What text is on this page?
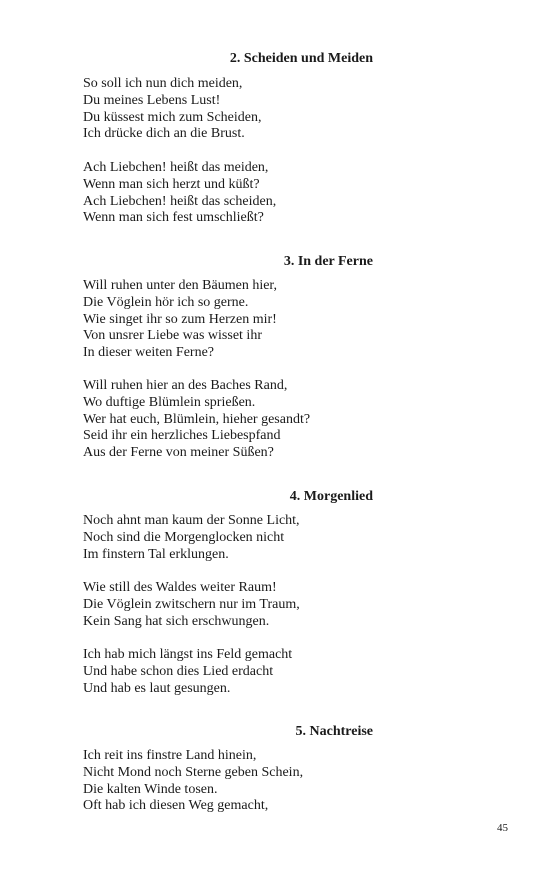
2. Scheiden und Meiden
So soll ich nun dich meiden,
Du meines Lebens Lust!
Du küssest mich zum Scheiden,
Ich drücke dich an die Brust.
Ach Liebchen! heißt das meiden,
Wenn man sich herzt und küßt?
Ach Liebchen! heißt das scheiden,
Wenn man sich fest umschließt?
3. In der Ferne
Will ruhen unter den Bäumen hier,
Die Vöglein hör ich so gerne.
Wie singet ihr so zum Herzen mir!
Von unsrer Liebe was wisset ihr
In dieser weiten Ferne?
Will ruhen hier an des Baches Rand,
Wo duftige Blümlein sprießen.
Wer hat euch, Blümlein, hieher gesandt?
Seid ihr ein herzliches Liebespfand
Aus der Ferne von meiner Süßen?
4. Morgenlied
Noch ahnt man kaum der Sonne Licht,
Noch sind die Morgenglocken nicht
Im finstern Tal erklungen.
Wie still des Waldes weiter Raum!
Die Vöglein zwitschern nur im Traum,
Kein Sang hat sich erschwungen.
Ich hab mich längst ins Feld gemacht
Und habe schon dies Lied erdacht
Und hab es laut gesungen.
5. Nachtreise
Ich reit ins finstre Land hinein,
Nicht Mond noch Sterne geben Schein,
Die kalten Winde tosen.
Oft hab ich diesen Weg gemacht,
45
